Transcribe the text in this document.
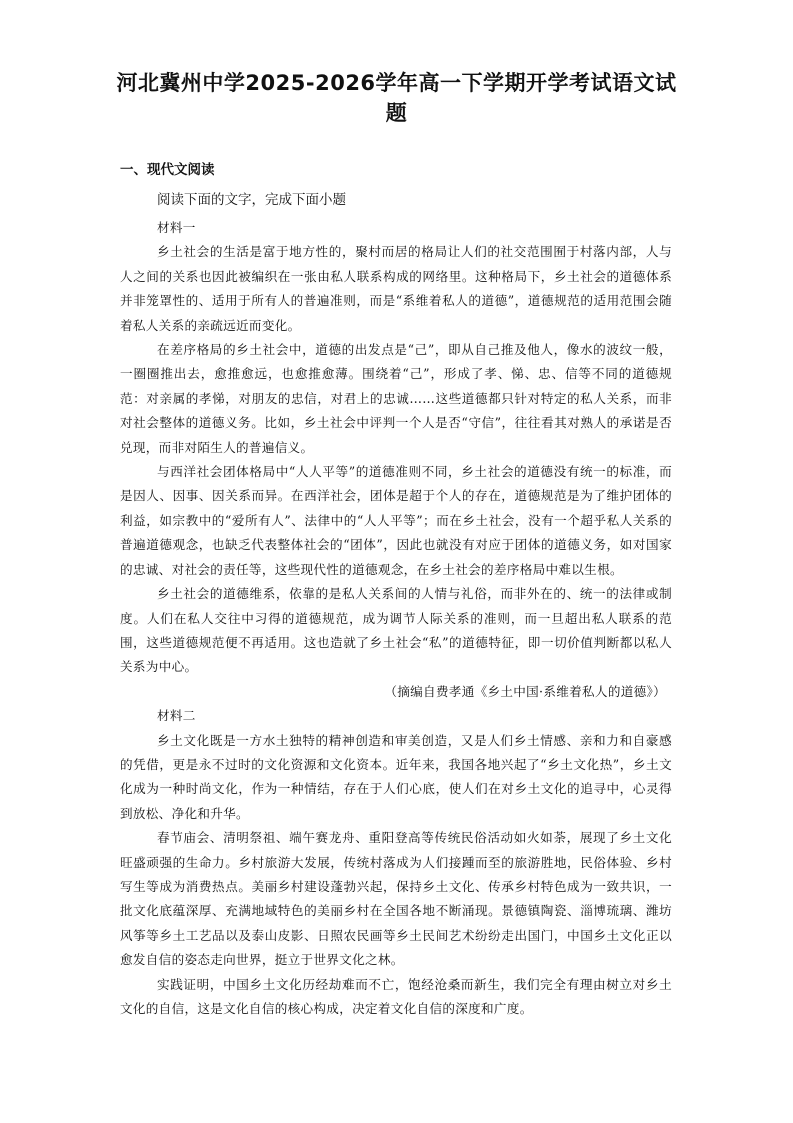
河北冀州中学2025-2026学年高一下学期开学考试语文试题
一、现代文阅读
阅读下面的文字，完成下面小题

材料一

乡土社会的生活是富于地方性的，聚村而居的格局让人们的社交范围囿于村落内部，人与人之间的关系也因此被编织在一张由私人联系构成的网络里。这种格局下，乡土社会的道德体系并非笼罩性的、适用于所有人的普遍准则，而是“系维着私人的道德”，道德规范的适用范围会随着私人关系的亲疏远近而变化。

在差序格局的乡土社会中，道德的出发点是“己”，即从自己推及他人，像水的波纹一般，一圈圈推出去，愈推愈远，也愈推愈薄。围绕着“己”，形成了孝、悌、忠、信等不同的道德规范：对亲属的孝悌，对朋友的忠信，对君上的忠诚……这些道德都只针对特定的私人关系，而非对社会整体的道德义务。比如，乡土社会中评判一个人是否“守信”，往往看其对熟人的承诺是否兑现，而非对陌生人的普遍信义。

与西洋社会团体格局中“人人平等”的道德准则不同，乡土社会的道德没有统一的标准，而是因人、因事、因关系而异。在西洋社会，团体是超于个人的存在，道德规范是为了维护团体的利益，如宗教中的“爱所有人”、法律中的“人人平等”；而在乡土社会，没有一个超乎私人关系的普遍道德观念，也缺乏代表整体社会的“团体”，因此也就没有对应于团体的道德义务，如对国家的忠诚、对社会的责任等，这些现代性的道德观念，在乡土社会的差序格局中难以生根。

乡土社会的道德维系，依靠的是私人关系间的人情与礼俗，而非外在的、统一的法律或制度。人们在私人交往中习得的道德规范，成为调节人际关系的准则，而一旦超出私人联系的范围，这些道德规范便不再适用。这也造就了乡土社会“私”的道德特征，即一切价值判断都以私人关系为中心。

（摘编自费孝通《乡土中国·系维着私人的道德》）

材料二

乡土文化既是一方水土独特的精神创造和审美创造，又是人们乡土情感、亲和力和自豪感的凭借，更是永不过时的文化资源和文化资本。近年来，我国各地兴起了“乡土文化热”，乡土文化成为一种时尚文化，作为一种情结，存在于人们心底，使人们在对乡土文化的追寻中，心灵得到放松、净化和升华。

春节庙会、清明祭祖、端午赛龙舟、重阳登高等传统民俗活动如火如荼，展现了乡土文化旺盛顽强的生命力。乡村旅游大发展，传统村落成为人们接踵而至的旅游胜地，民俗体验、乡村写生等成为消费热点。美丽乡村建设蓬勃兴起，保持乡土文化、传承乡村特色成为一致共识，一批文化底蕴深厚、充满地域特色的美丽乡村在全国各地不断涌现。景德镇陶瓷、淄博琉璃、潍坊风筝等乡土工艺品以及泰山皮影、日照农民画等乡土民间艺术纷纷走出国门，中国乡土文化正以愈发自信的姿态走向世界，挺立于世界文化之林。

实践证明，中国乡土文化历经劫难而不亡，饱经沧桑而新生，我们完全有理由树立对乡土文化的自信，这是文化自信的核心构成，决定着文化自信的深度和广度。
